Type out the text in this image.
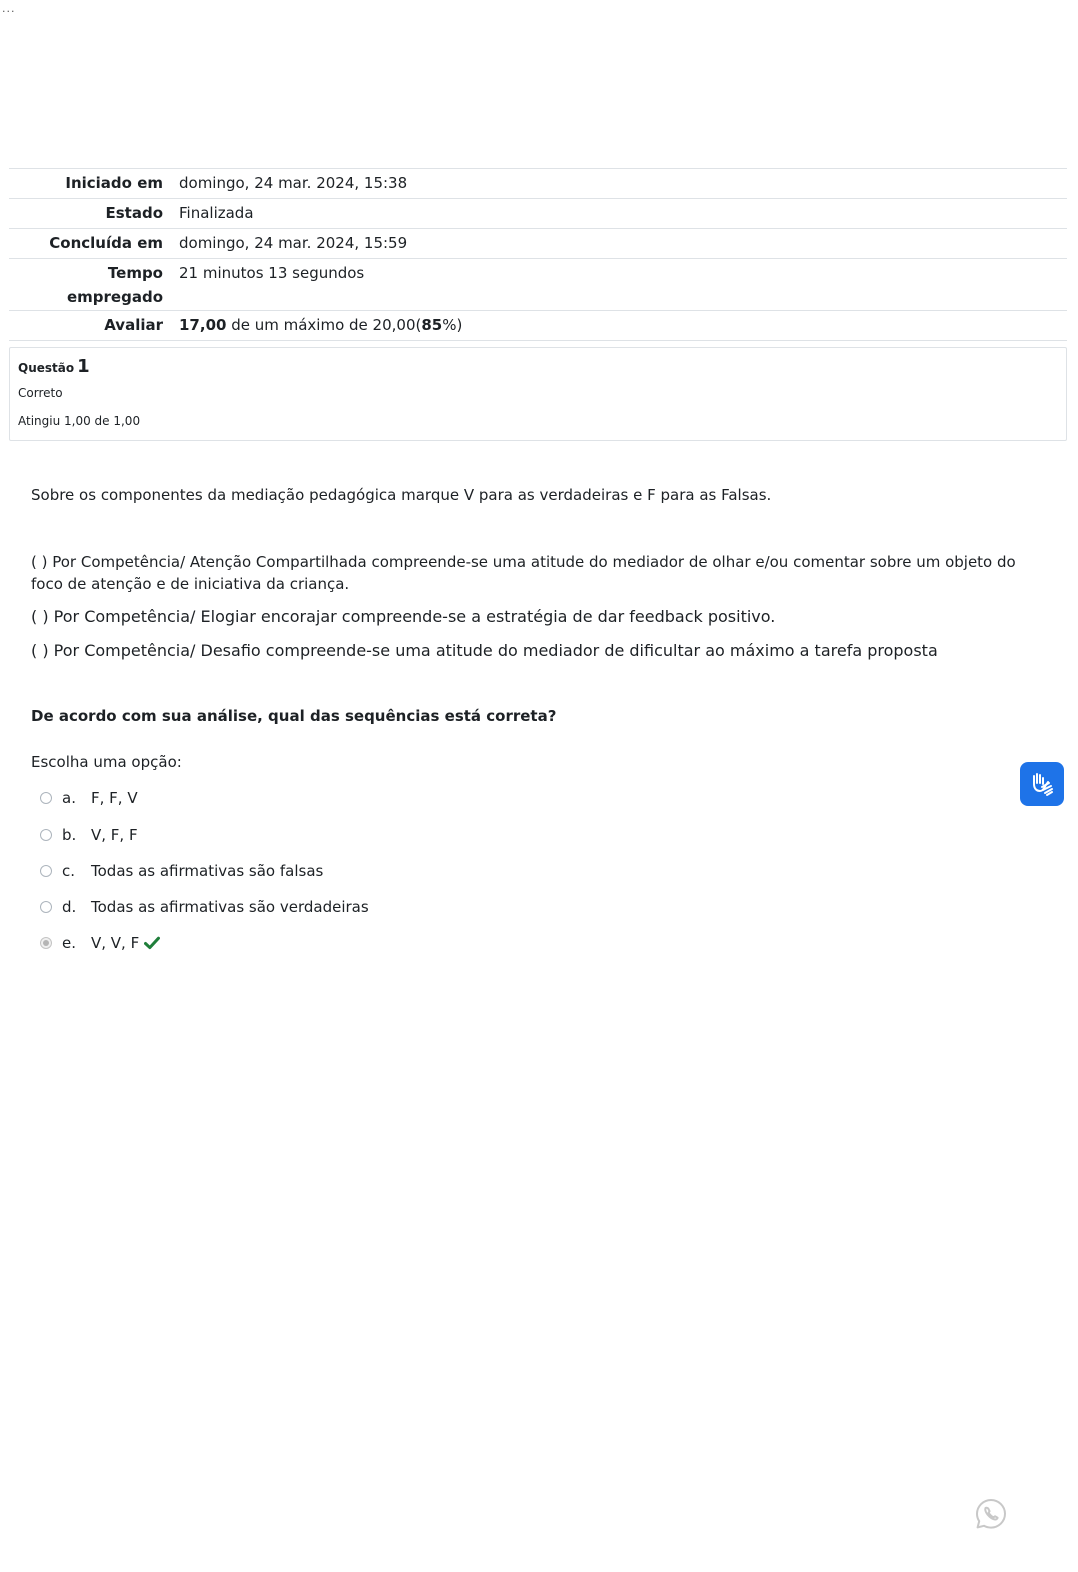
...
Iniciado em	domingo, 24 mar. 2024, 15:38
Estado	Finalizada
Concluída em	domingo, 24 mar. 2024, 15:59
Tempo empregado	21 minutos 13 segundos
Avaliar	17,00 de um máximo de 20,00(85%)
Questão 1
Correto
Atingiu 1,00 de 1,00
Sobre os componentes da mediação pedagógica marque V para as verdadeiras e F para as Falsas.
( ) Por Competência/ Atenção Compartilhada compreende-se uma atitude do mediador de olhar e/ou comentar sobre um objeto do foco de atenção e de iniciativa da criança.
( ) Por Competência/ Elogiar encorajar compreende-se a estratégia de dar feedback positivo.
( ) Por Competência/ Desafio compreende-se uma atitude do mediador de dificultar ao máximo a tarefa proposta
De acordo com sua análise, qual das sequências está correta?
Escolha uma opção:
a.	F, F, V
b. V, F, F
c.	Todas as afirmativas são falsas
d. Todas as afirmativas são verdadeiras
e.	V, V, F
